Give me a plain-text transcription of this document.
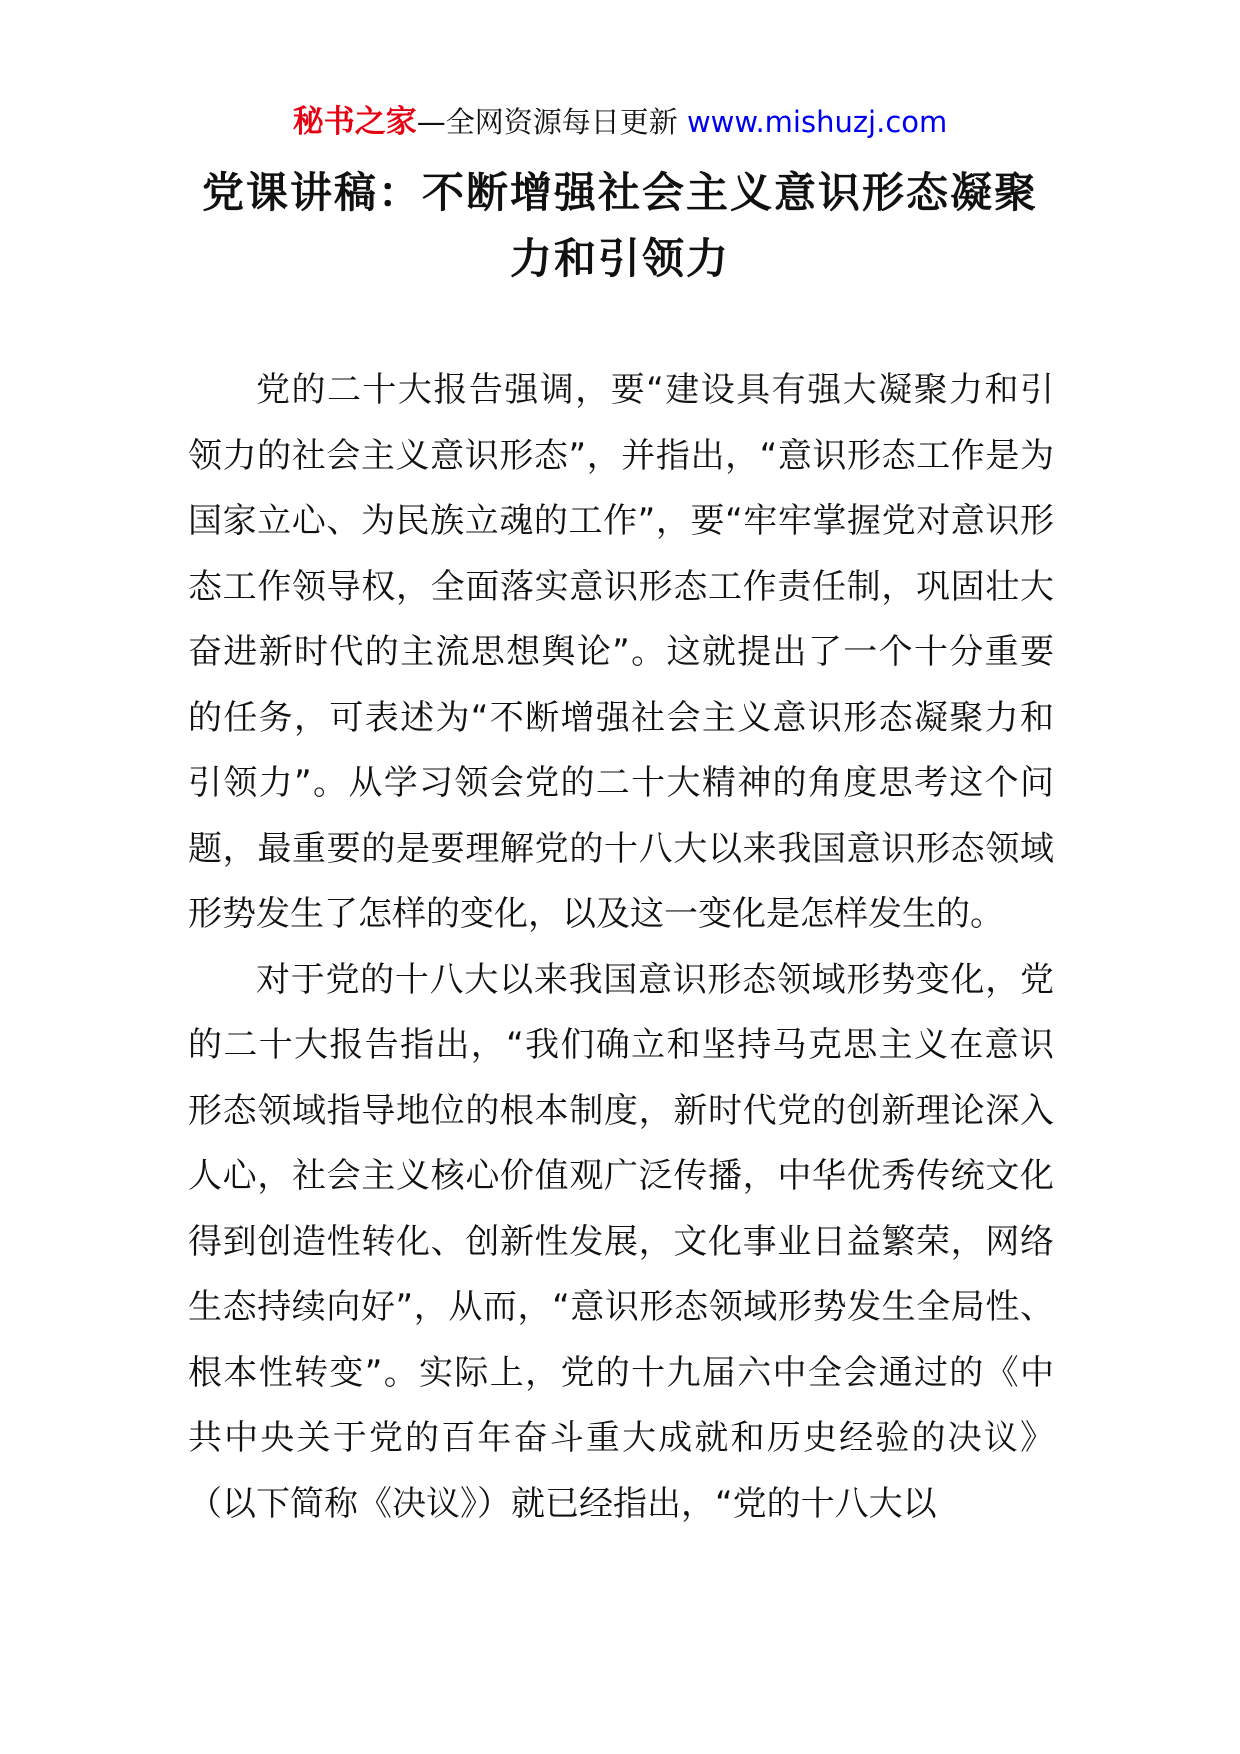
秘书之家—全网资源每日更新 www.mishuzj.com
党课讲稿：不断增强社会主义意识形态凝聚力和引领力

党的二十大报告强调，要“建设具有强大凝聚力和引领力的社会主义意识形态”，并指出，“意识形态工作是为国家立心、为民族立魂的工作”，要“牢牢掌握党对意识形态工作领导权，全面落实意识形态工作责任制，巩固壮大奋进新时代的主流思想舆论”。这就提出了一个十分重要的任务，可表述为“不断增强社会主义意识形态凝聚力和引领力”。从学习领会党的二十大精神的角度思考这个问题，最重要的是要理解党的十八大以来我国意识形态领域形势发生了怎样的变化，以及这一变化是怎样发生的。

对于党的十八大以来我国意识形态领域形势变化，党的二十大报告指出，“我们确立和坚持马克思主义在意识形态领域指导地位的根本制度，新时代党的创新理论深入人心，社会主义核心价值观广泛传播，中华优秀传统文化得到创造性转化、创新性发展，文化事业日益繁荣，网络生态持续向好”，从而，“意识形态领域形势发生全局性、根本性转变”。实际上，党的十九届六中全会通过的《中共中央关于党的百年奋斗重大成就和历史经验的决议》（以下简称《决议》）就已经指出，“党的十八大以
